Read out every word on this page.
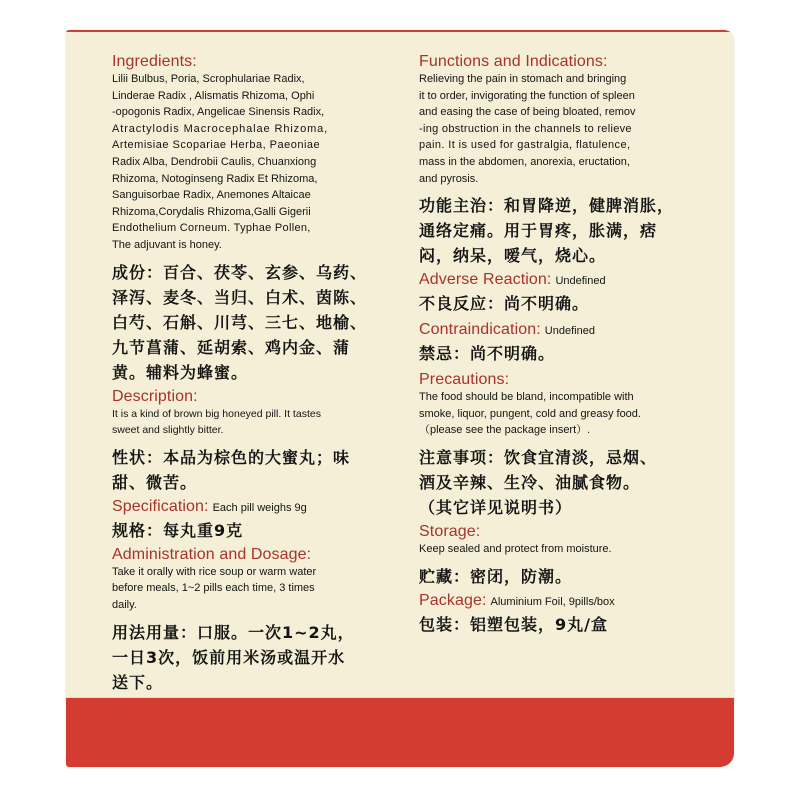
Ingredients:

Lilii Bulbus, Poria, Scrophulariae Radix,

Linderae Radix , Alismatis Rhizoma, Ophi

-opogonis Radix, Angelicae Sinensis Radix,

Atractylodis Macrocephalae Rhizoma,

Artemisiae Scopariae Herba, Paeoniae

Radix Alba, Dendrobii Caulis, Chuanxiong

Rhizoma, Notoginseng Radix Et Rhizoma,

Sanguisorbae Radix, Anemones Altaicae

Rhizoma,Corydalis Rhizoma,Galli Gigerii

Endothelium Corneum. Typhae Pollen,

The adjuvant is honey.

成份：百合、茯苓、玄参、乌药、

泽泻、麦冬、当归、白术、茵陈、

白芍、石斛、川芎、三七、地榆、

九节菖蒲、延胡索、鸡内金、蒲

黄。辅料为蜂蜜。

Description:

It is a kind of brown big honeyed pill. It tastes

sweet and slightly bitter.

性状：本品为棕色的大蜜丸；味

甜、微苦。

Specification: Each pill weighs 9g

规格：每丸重9克

Administration and Dosage:

Take it orally with rice soup or warm water

before meals, 1~2 pills each time, 3 times

daily.

用法用量：口服。一次1~2丸，

一日3次，饭前用米汤或温开水

送下。

Functions and Indications:

Relieving the pain in stomach and bringing

it to order, invigorating the function of spleen

and easing the case of being bloated, remov

-ing obstruction in the channels to relieve

pain. It is used for gastralgia, flatulence,

mass in the abdomen, anorexia, eructation,

and pyrosis.

功能主治：和胃降逆，健脾消胀，

通络定痛。用于胃疼，胀满，痞

闷，纳呆，嗳气，烧心。

Adverse Reaction: Undefined

不良反应：尚不明确。

Contraindication: Undefined

禁忌：尚不明确。

Precautions:

The food should be bland, incompatible with

smoke, liquor, pungent, cold and greasy food.

（please see the package insert）.

注意事项：饮食宜清淡，忌烟、

酒及辛辣、生冷、油腻食物。

（其它详见说明书）

Storage:

Keep sealed and protect from moisture.

贮藏：密闭，防潮。

Package: Aluminium Foil, 9pills/box

包装：铝塑包装，9丸/盒
